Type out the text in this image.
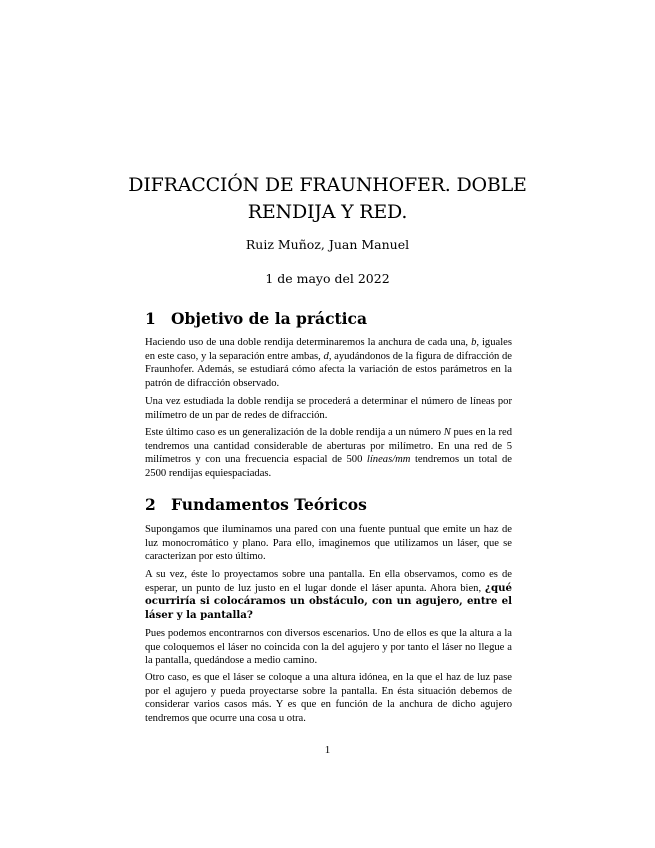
DIFRACCIÓN DE FRAUNHOFER. DOBLE
RENDIJA Y RED.
Ruiz Muñoz, Juan Manuel
1 de mayo del 2022
1 Objetivo de la práctica

Haciendo uso de una doble rendija determinaremos la anchura de cada una, b, iguales en este caso, y la separación entre ambas, d, ayudándonos de la figura de difracción de Fraunhofer. Además, se estudiará cómo afecta la variación de estos parámetros en la patrón de difracción observado.

Una vez estudiada la doble rendija se procederá a determinar el número de líneas por milímetro de un par de redes de difracción.

Este último caso es un generalización de la doble rendija a un número N pues en la red tendremos una cantidad considerable de aberturas por milímetro. En una red de 5 milímetros y con una frecuencia espacial de 500 líneas/mm tendremos un total de 2500 rendijas equiespaciadas.

2 Fundamentos Teóricos

Supongamos que iluminamos una pared con una fuente puntual que emite un haz de luz monocromático y plano. Para ello, imaginemos que utilizamos un láser, que se caracterizan por esto último.

A su vez, éste lo proyectamos sobre una pantalla. En ella observamos, como es de esperar, un punto de luz justo en el lugar donde el láser apunta. Ahora bien, ¿qué ocurriría si colocáramos un obstáculo, con un agujero, entre el láser y la pantalla?

Pues podemos encontrarnos con diversos escenarios. Uno de ellos es que la altura a la que coloquemos el láser no coincida con la del agujero y por tanto el láser no llegue a la pantalla, quedándose a medio camino.

Otro caso, es que el láser se coloque a una altura idónea, en la que el haz de luz pase por el agujero y pueda proyectarse sobre la pantalla. En ésta situación debemos de considerar varios casos más. Y es que en función de la anchura de dicho agujero tendremos que ocurre una cosa u otra.

1
